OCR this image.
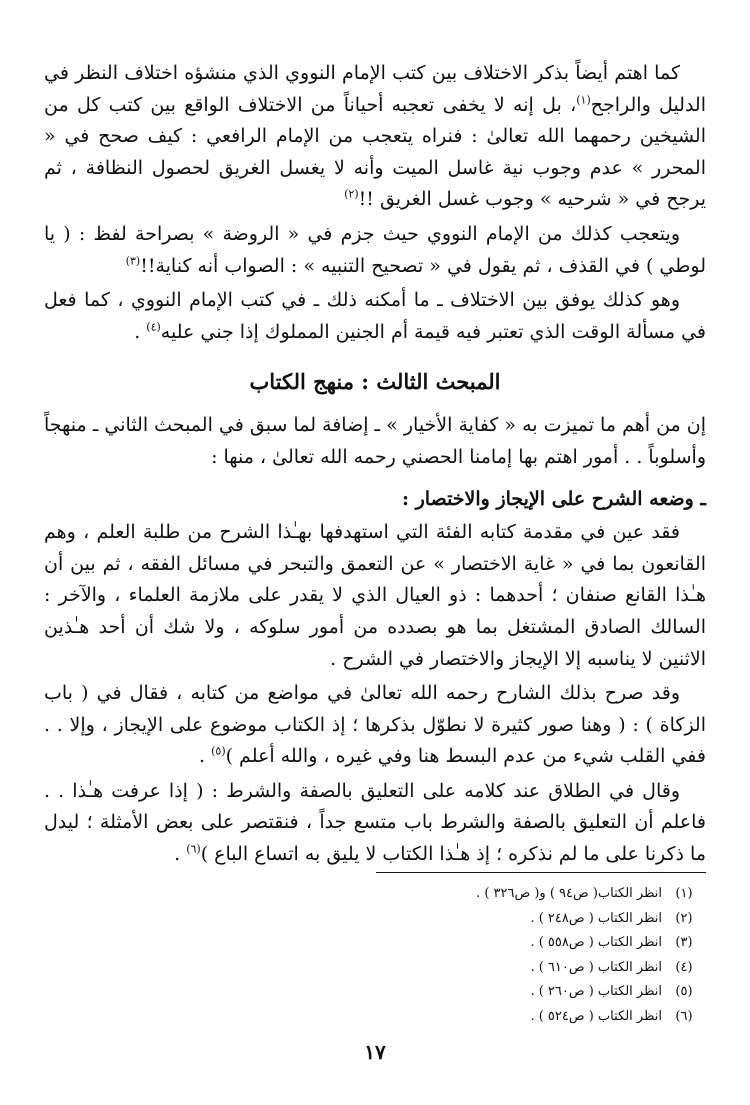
كما اهتم أيضاً بذكر الاختلاف بين كتب الإمام النووي الذي منشؤه اختلاف النظر في الدليل والراجح$^{(١)}$، بل إنه لا يخفى تعجبه أحياناً من الاختلاف الواقع بين كتب كل من الشيخين رحمهما الله تعالىٰ : فنراه يتعجب من الإمام الرافعي : كيف صحح في « المحرر » عدم وجوب نية غاسل الميت وأنه لا يغسل الغريق لحصول النظافة ، ثم يرجح في « شرحيه » وجوب غسل الغريق !!$^{(٢)}$

ويتعجب كذلك من الإمام النووي حيث جزم في « الروضة » بصراحة لفظ : ( يا لوطي ) في القذف ، ثم يقول في « تصحيح التنبيه » : الصواب أنه كناية!!$^{(٣)}$

وهو كذلك يوفق بين الاختلاف ـ ما أمكنه ذلك ـ في كتب الإمام النووي ، كما فعل في مسألة الوقت الذي تعتبر فيه قيمة أم الجنين المملوك إذا جني عليه$^{(٤)}$ .

المبحث الثالث : منهج الكتاب

إن من أهم ما تميزت به « كفاية الأخيار » ـ إضافة لما سبق في المبحث الثاني ـ منهجاً وأسلوباً . . أمور اهتم بها إمامنا الحصني رحمه الله تعالىٰ ، منها :

ـ وضعه الشرح على الإيجاز والاختصار :

فقد عين في مقدمة كتابه الفئة التي استهدفها بهـٰذا الشرح من طلبة العلم ، وهم القانعون بما في « غاية الاختصار » عن التعمق والتبحر في مسائل الفقه ، ثم بين أن هـٰذا القانع صنفان ؛ أحدهما : ذو العيال الذي لا يقدر على ملازمة العلماء ، والآخر : السالك الصادق المشتغل بما هو بصدده من أمور سلوكه ، ولا شك أن أحد هـٰذين الاثنين لا يناسبه إلا الإيجاز والاختصار في الشرح .

وقد صرح بذلك الشارح رحمه الله تعالىٰ في مواضع من كتابه ، فقال في ( باب الزكاة ) : ( وهنا صور كثيرة لا نطوّل بذكرها ؛ إذ الكتاب موضوع على الإيجاز ، وإلا . . ففي القلب شيء من عدم البسط هنا وفي غيره ، والله أعلم )$^{(٥)}$ .

وقال في الطلاق عند كلامه على التعليق بالصفة والشرط : ( إذا عرفت هـٰذا . . فاعلم أن التعليق بالصفة والشرط باب متسع جداً ، فنقتصر على بعض الأمثلة ؛ ليدل ما ذكرنا على ما لم نذكره ؛ إذ هـٰذا الكتاب لا يليق به اتساع الباع )$^{(٦)}$ .

(١)
انظر الكتاب( ص٩٤ ) و( ص٣٢٦ ) .
(٢)
انظر الكتاب ( ص٢٤٨ ) .
(٣)
انظر الكتاب ( ص٥٥٨ ) .
(٤)
انظر الكتاب ( ص٦١٠ ) .
(٥)
انظر الكتاب ( ص٢٦٠ ) .
(٦)
انظر الكتاب ( ص٥٢٤ ) .
١٧
